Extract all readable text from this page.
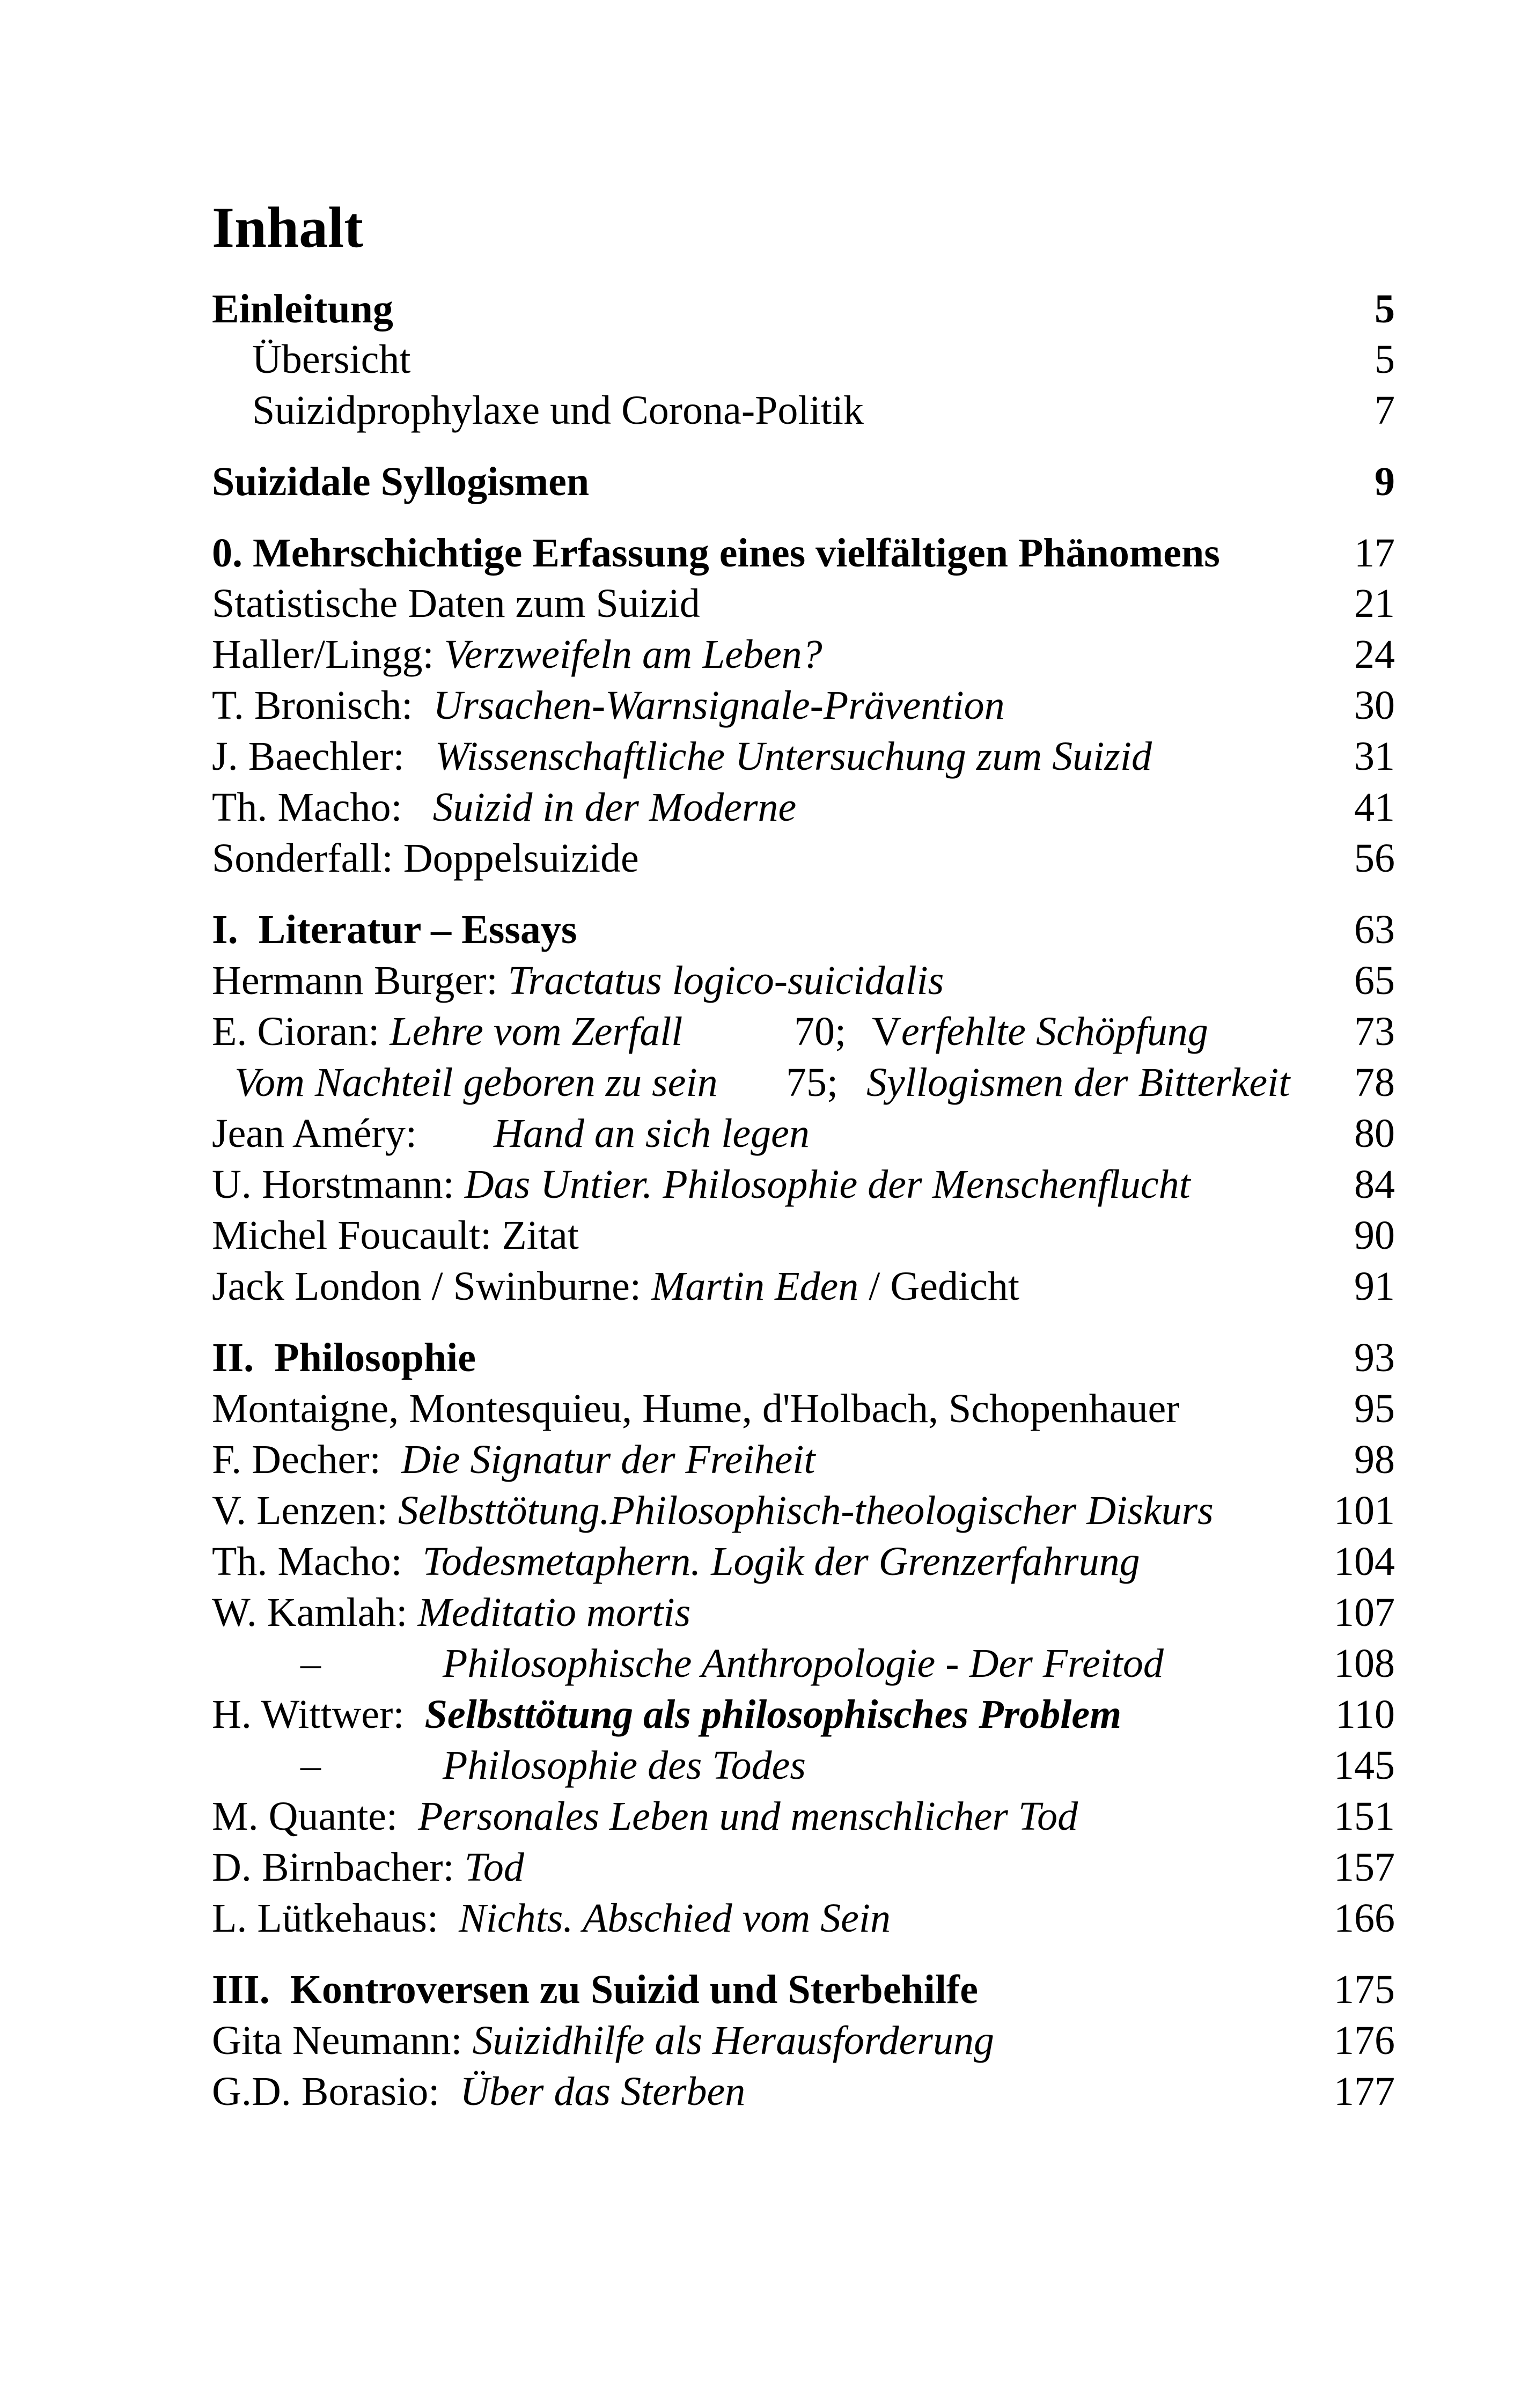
Inhalt
Einleitung	5
Übersicht	5
Suizidprophylaxe und Corona-Politik	7
Suizidale Syllogismen	9
0. Mehrschichtige Erfassung eines vielfältigen Phänomens	17
Statistische Daten zum Suizid	21
Haller/Lingg: Verzweifeln am Leben?	24
T. Bronisch:  Ursachen-Warnsignale-Prävention	30
J. Baechler:   Wissenschaftliche Untersuchung zum Suizid	31
Th. Macho:   Suizid in der Moderne	41
Sonderfall: Doppelsuizide	56
I.  Literatur – Essays	63
Hermann Burger: Tractatus logico-suicidalis	65
E. Cioran: Lehre vom Zerfall	70; Verfehlte Schöpfung	73
Vom Nachteil geboren zu sein 75; Syllogismen der Bitterkeit 78
Jean Améry: Hand an sich legen	80
U. Horstmann: Das Untier. Philosophie der Menschenflucht	84
Michel Foucault: Zitat	90
Jack London / Swinburne: Martin Eden / Gedicht	91
II.  Philosophie	93
Montaigne, Montesquieu, Hume, d'Holbach, Schopenhauer	95
F. Decher:  Die Signatur der Freiheit	98
V. Lenzen: Selbsttötung.Philosophisch-theologischer Diskurs	101
Th. Macho:  Todesmetaphern. Logik der Grenzerfahrung	104
W. Kamlah: Meditatio mortis	107
–	Philosophische Anthropologie - Der Freitod	108
H. Wittwer:  Selbsttötung als philosophisches Problem	110
–	Philosophie des Todes	145
M. Quante:  Personales Leben und menschlicher Tod	151
D. Birnbacher: Tod	157
L. Lütkehaus:  Nichts. Abschied vom Sein	166
III.  Kontroversen zu Suizid und Sterbehilfe	175
Gita Neumann: Suizidhilfe als Herausforderung	176
G.D. Borasio:  Über das Sterben	177
